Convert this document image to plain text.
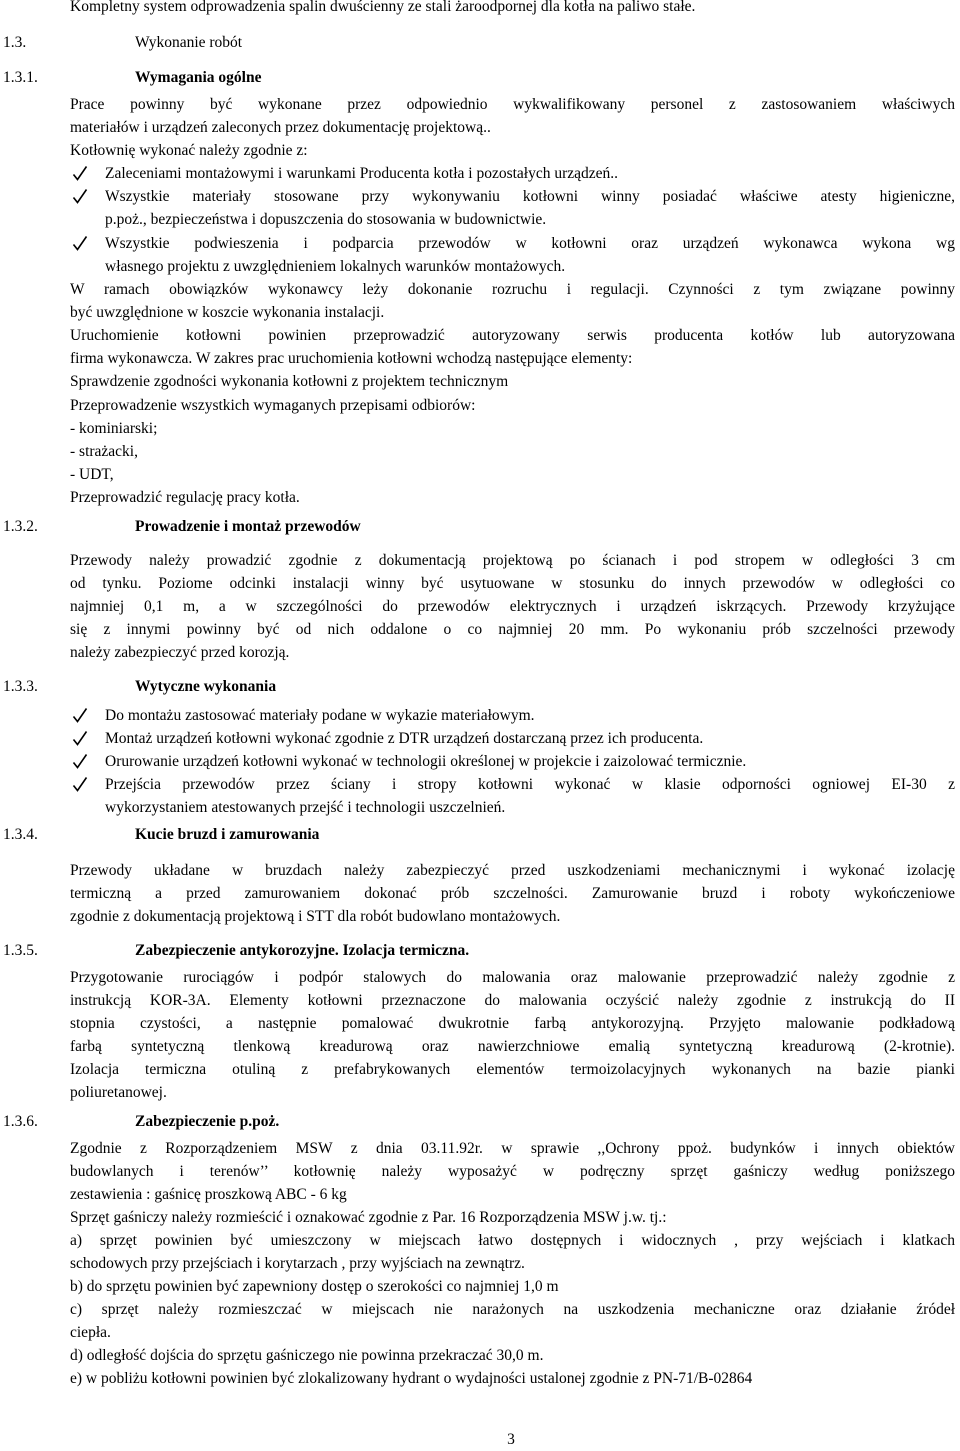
Kompletny system odprowadzenia spalin dwuścienny ze stali żaroodpornej dla kotła na paliwo stałe.
1.3.	Wykonanie robót
1.3.1.	Wymagania ogólne
Prace powinny być wykonane przez odpowiednio wykwalifikowany personel z zastosowaniem właściwych
materiałów i urządzeń zaleconych przez dokumentację projektową..
Kotłownię wykonać należy zgodnie z:
Zaleceniami montażowymi i warunkami Producenta kotła i pozostałych urządzeń..
Wszystkie materiały stosowane przy wykonywaniu kotłowni winny posiadać właściwe atesty higieniczne,
p.poż., bezpieczeństwa i dopuszczenia do stosowania w budownictwie.
Wszystkie podwieszenia i podparcia przewodów w kotłowni oraz urządzeń wykonawca wykona wg
własnego projektu z uwzględnieniem lokalnych warunków montażowych.
W ramach obowiązków wykonawcy leży dokonanie rozruchu i regulacji. Czynności z tym związane powinny
być uwzględnione w koszcie wykonania instalacji.
Uruchomienie kotłowni powinien przeprowadzić autoryzowany serwis producenta kotłów lub autoryzowana
firma wykonawcza. W zakres prac uruchomienia kotłowni wchodzą następujące elementy:
Sprawdzenie zgodności wykonania kotłowni z projektem technicznym
Przeprowadzenie wszystkich wymaganych przepisami odbiorów:
- kominiarski;
- strażacki,
- UDT,
Przeprowadzić regulację pracy kotła.
1.3.2.	Prowadzenie i montaż przewodów
Przewody należy prowadzić zgodnie z dokumentacją projektową po ścianach i pod stropem w odległości 3 cm
od tynku. Poziome odcinki instalacji winny być usytuowane w stosunku do innych przewodów w odległości co
najmniej 0,1 m, a w szczególności do przewodów elektrycznych i urządzeń iskrzących. Przewody krzyżujące
się z innymi powinny być od nich oddalone o co najmniej 20 mm. Po wykonaniu prób szczelności przewody
należy zabezpieczyć przed korozją.
1.3.3.	Wytyczne wykonania
Do montażu zastosować materiały podane w wykazie materiałowym.
Montaż urządzeń kotłowni wykonać zgodnie z DTR urządzeń dostarczaną przez ich producenta.
Orurowanie urządzeń kotłowni wykonać w technologii określonej w projekcie i zaizolować termicznie.
Przejścia przewodów przez ściany i stropy kotłowni wykonać w klasie odporności ogniowej EI-30 z
wykorzystaniem atestowanych przejść i technologii uszczelnień.
1.3.4.	Kucie bruzd i zamurowania
Przewody układane w bruzdach należy zabezpieczyć przed uszkodzeniami mechanicznymi i wykonać izolację
termiczną a przed zamurowaniem dokonać prób szczelności. Zamurowanie bruzd i roboty wykończeniowe
zgodnie z dokumentacją projektową i STT dla robót budowlano montażowych.
1.3.5.	Zabezpieczenie antykorozyjne. Izolacja termiczna.
Przygotowanie rurociągów i podpór stalowych do malowania oraz malowanie przeprowadzić należy zgodnie z
instrukcją KOR-3A. Elementy kotłowni przeznaczone do malowania oczyścić należy zgodnie z instrukcją do II
stopnia czystości, a następnie pomalować dwukrotnie farbą antykorozyjną. Przyjęto malowanie podkładową
farbą syntetyczną tlenkową kreadurową oraz nawierzchniowe emalią syntetyczną kreadurową (2-krotnie).
Izolacja termiczna otuliną z prefabrykowanych elementów termoizolacyjnych wykonanych na bazie pianki
poliuretanowej.
1.3.6.	Zabezpieczenie p.poż.
Zgodnie z Rozporządzeniem MSW z dnia 03.11.92r. w sprawie ,,Ochrony ppoż. budynków i innych obiektów
budowlanych i terenów’’ kotłownię należy wyposażyć w podręczny sprzęt gaśniczy według poniższego
zestawienia : gaśnicę proszkową ABC - 6 kg
Sprzęt gaśniczy należy rozmieścić i oznakować zgodnie z Par. 16 Rozporządzenia MSW j.w. tj.:
a) sprzęt powinien być umieszczony w miejscach łatwo dostępnych i widocznych , przy wejściach i klatkach
schodowych przy przejściach i korytarzach , przy wyjściach na zewnątrz.
b) do sprzętu powinien być zapewniony dostęp o szerokości co najmniej 1,0 m
c) sprzęt należy rozmieszczać w miejscach nie narażonych na uszkodzenia mechaniczne oraz działanie źródeł
ciepła.
d) odległość dojścia do sprzętu gaśniczego nie powinna przekraczać 30,0 m.
e) w pobliżu kotłowni powinien być zlokalizowany hydrant o wydajności ustalonej zgodnie z PN-71/B-02864
3
